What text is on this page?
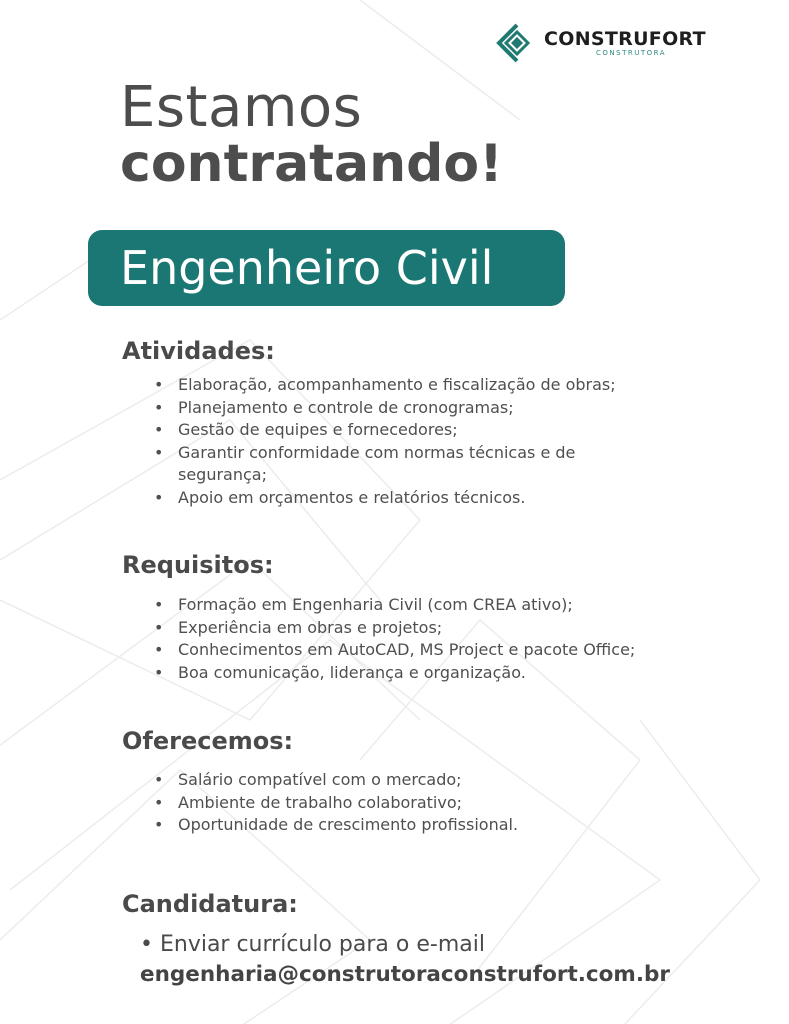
CONSTRUFORT
CONSTRUTORA
Estamos
contratando!
Engenheiro Civil
Atividades:
• Elaboração, acompanhamento e fiscalização de obras;
• Planejamento e controle de cronogramas;
• Gestão de equipes e fornecedores;
• Garantir conformidade com normas técnicas e de segurança;
• Apoio em orçamentos e relatórios técnicos.
Requisitos:
• Formação em Engenharia Civil (com CREA ativo);
• Experiência em obras e projetos;
• Conhecimentos em AutoCAD, MS Project e pacote Office;
• Boa comunicação, liderança e organização.
Oferecemos:
• Salário compatível com o mercado;
• Ambiente de trabalho colaborativo;
• Oportunidade de crescimento profissional.
Candidatura:
• Enviar currículo para o e-mail
engenharia@construtoraconstrufort.com.br
